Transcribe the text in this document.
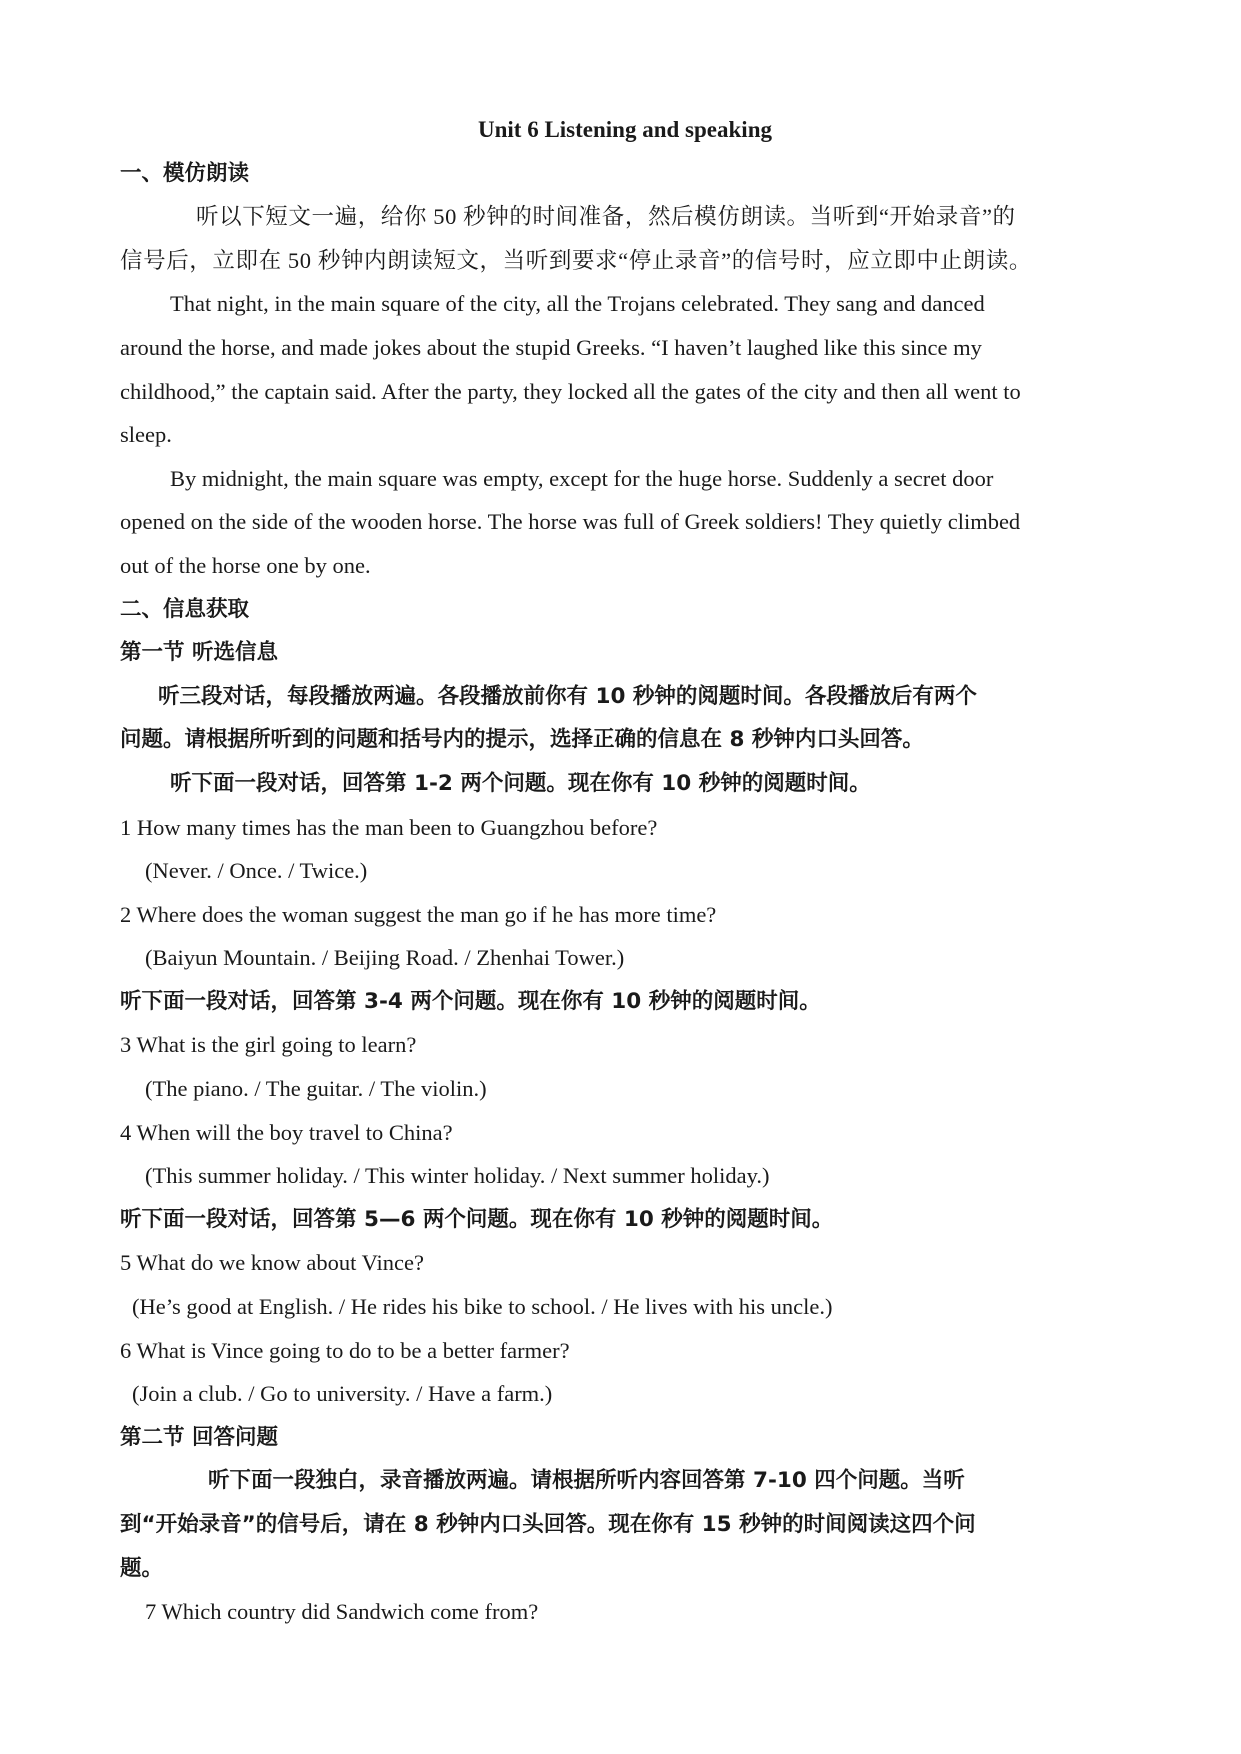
Unit 6 Listening and speaking
一、模仿朗读
听以下短文一遍，给你 50 秒钟的时间准备，然后模仿朗读。当听到“开始录音”的
信号后，立即在 50 秒钟内朗读短文，当听到要求“停止录音”的信号时，应立即中止朗读。
That night, in the main square of the city, all the Trojans celebrated. They sang and danced
around the horse, and made jokes about the stupid Greeks. “I haven’t laughed like this since my
childhood,” the captain said. After the party, they locked all the gates of the city and then all went to
sleep.
By midnight, the main square was empty, except for the huge horse. Suddenly a secret door
opened on the side of the wooden horse. The horse was full of Greek soldiers! They quietly climbed
out of the horse one by one.
二、信息获取
第一节 听选信息
听三段对话，每段播放两遍。各段播放前你有 10 秒钟的阅题时间。各段播放后有两个
问题。请根据所听到的问题和括号内的提示，选择正确的信息在 8 秒钟内口头回答。
听下面一段对话，回答第 1-2 两个问题。现在你有 10 秒钟的阅题时间。
1 How many times has the man been to Guangzhou before?
(Never. / Once. / Twice.)
2 Where does the woman suggest the man go if he has more time?
(Baiyun Mountain. / Beijing Road. / Zhenhai Tower.)
听下面一段对话，回答第 3-4 两个问题。现在你有 10 秒钟的阅题时间。
3 What is the girl going to learn?
(The piano. / The guitar. / The violin.)
4 When will the boy travel to China?
(This summer holiday. / This winter holiday. / Next summer holiday.)
听下面一段对话，回答第 5—6 两个问题。现在你有 10 秒钟的阅题时间。
5 What do we know about Vince?
(He’s good at English. / He rides his bike to school. / He lives with his uncle.)
6 What is Vince going to do to be a better farmer?
(Join a club. / Go to university. / Have a farm.)
第二节 回答问题
听下面一段独白，录音播放两遍。请根据所听内容回答第 7-10 四个问题。当听
到“开始录音”的信号后，请在 8 秒钟内口头回答。现在你有 15 秒钟的时间阅读这四个问
题。
7 Which country did Sandwich come from?
